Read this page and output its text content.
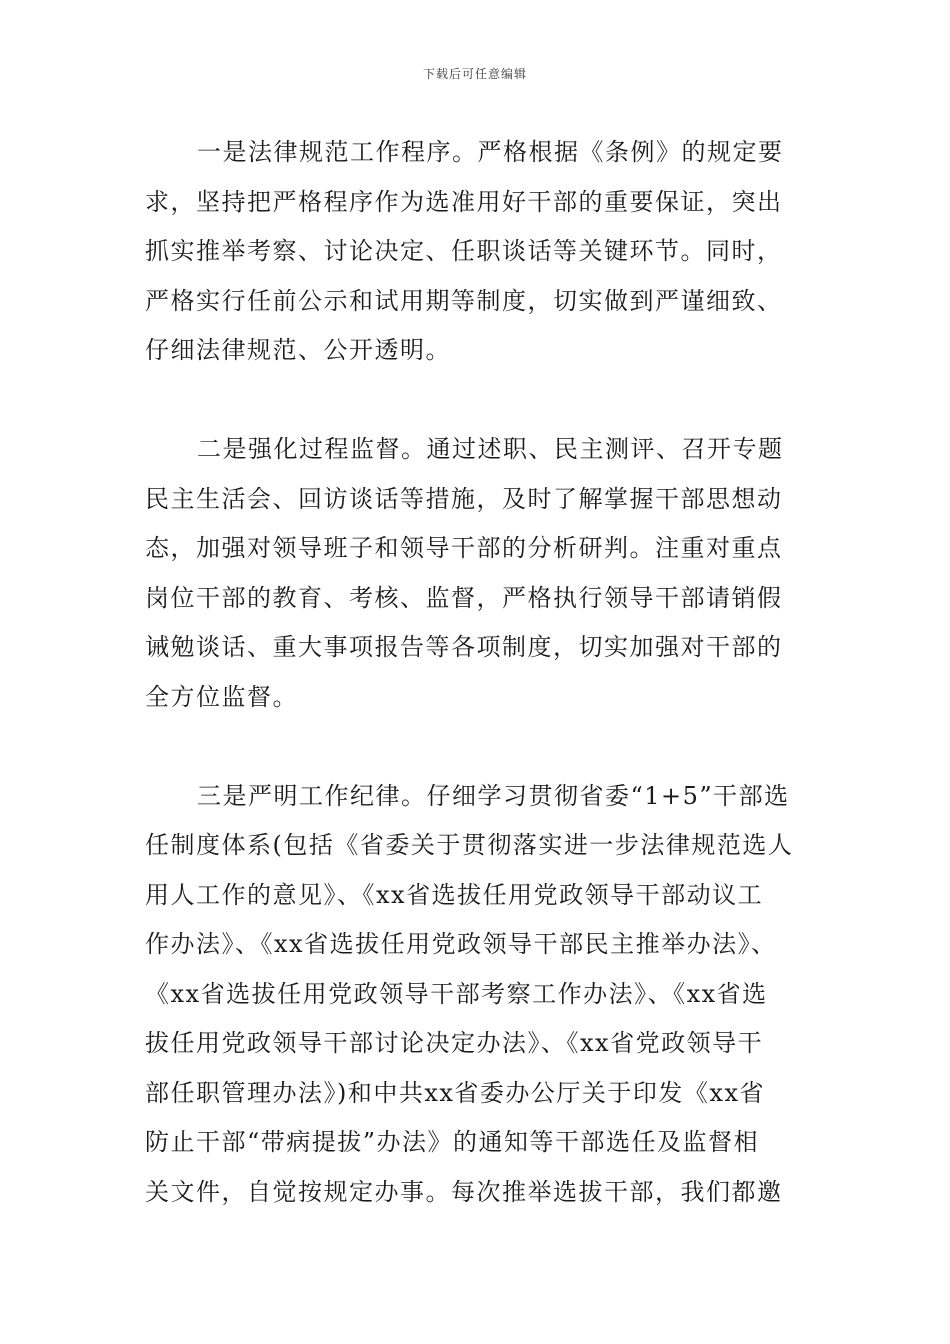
下载后可任意编辑

一是法律规范工作程序。严格根据《条例》的规定要
求，坚持把严格程序作为选准用好干部的重要保证，突出
抓实推举考察、讨论决定、任职谈话等关键环节。同时，
严格实行任前公示和试用期等制度，切实做到严谨细致、
仔细法律规范、公开透明。

二是强化过程监督。通过述职、民主测评、召开专题
民主生活会、回访谈话等措施，及时了解掌握干部思想动
态，加强对领导班子和领导干部的分析研判。注重对重点
岗位干部的教育、考核、监督，严格执行领导干部请销假
诫勉谈话、重大事项报告等各项制度，切实加强对干部的
全方位监督。

三是严明工作纪律。仔细学习贯彻省委“1+5”干部选
任制度体系(包括《省委关于贯彻落实进一步法律规范选人
用人工作的意见》、《xx省选拔任用党政领导干部动议工
作办法》、《xx省选拔任用党政领导干部民主推举办法》、
《xx省选拔任用党政领导干部考察工作办法》、《xx省选
拔任用党政领导干部讨论决定办法》、《xx省党政领导干
部任职管理办法》)和中共xx省委办公厅关于印发《xx省
防止干部“带病提拔”办法》的通知等干部选任及监督相
关文件，自觉按规定办事。每次推举选拔干部，我们都邀
